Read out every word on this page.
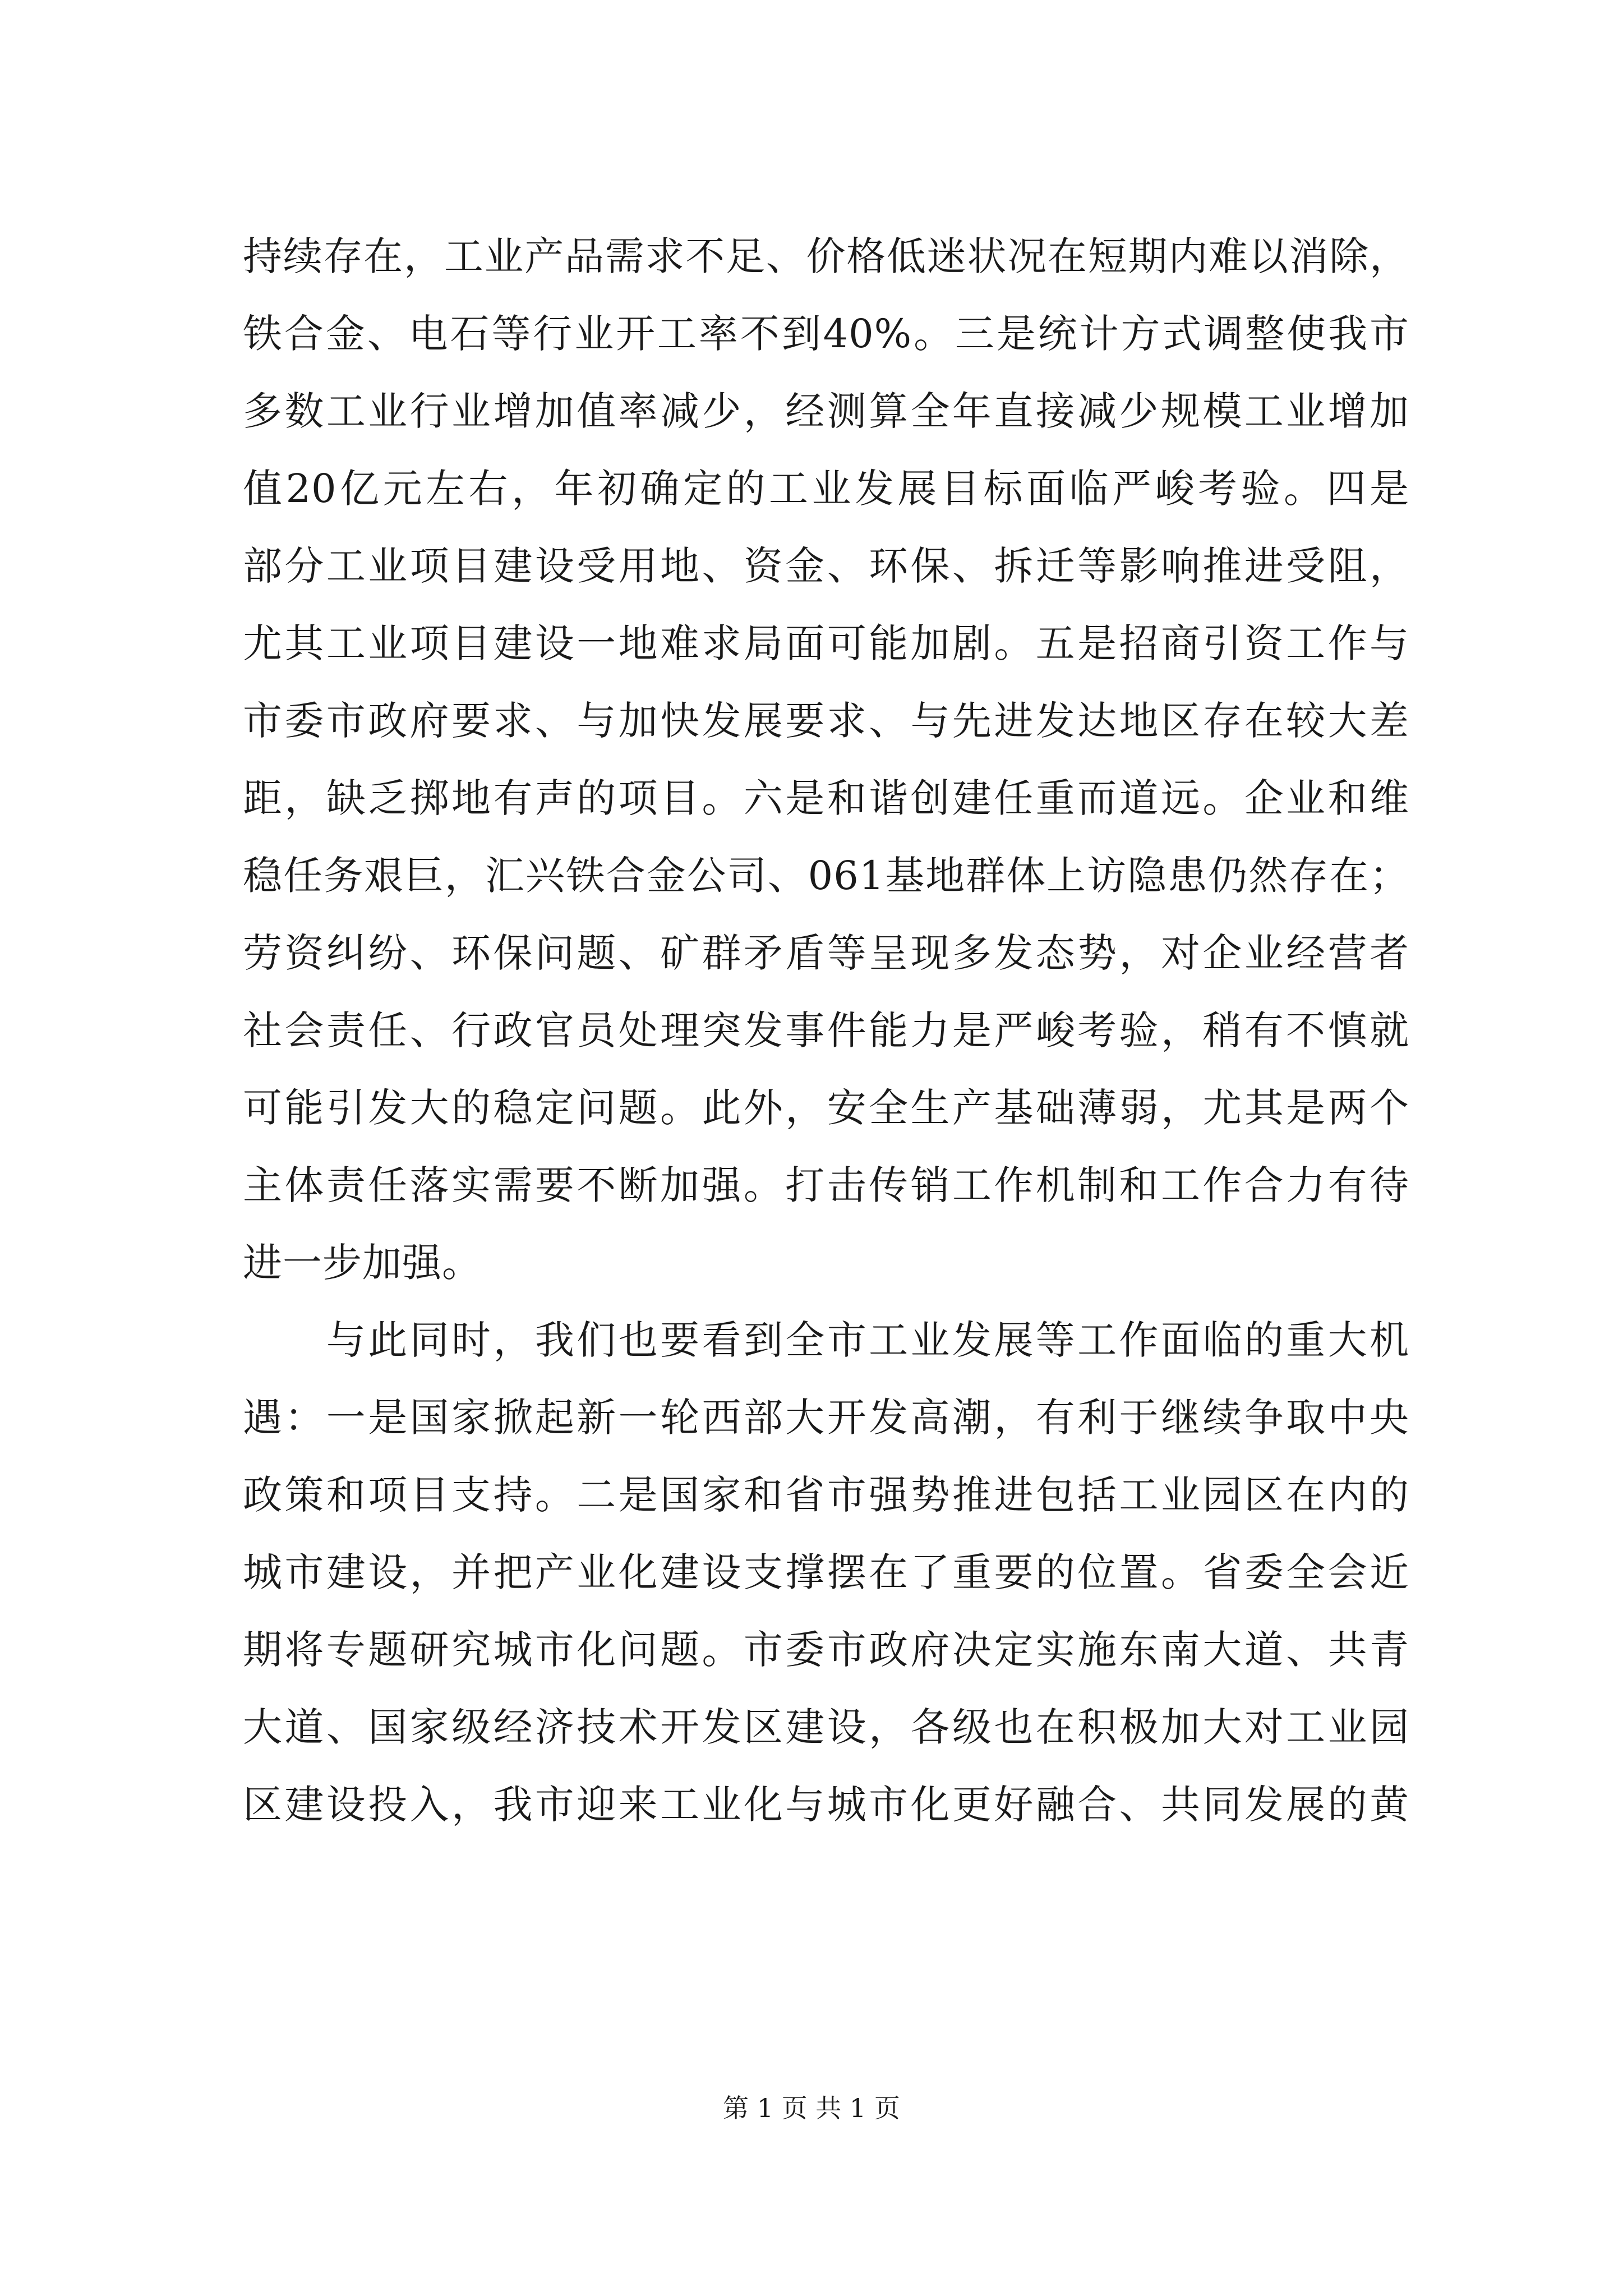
持续存在，工业产品需求不足、价格低迷状况在短期内难以消除，
铁合金、电石等行业开工率不到40%。三是统计方式调整使我市
多数工业行业增加值率减少，经测算全年直接减少规模工业增加
值20亿元左右，年初确定的工业发展目标面临严峻考验。四是
部分工业项目建设受用地、资金、环保、拆迁等影响推进受阻，
尤其工业项目建设一地难求局面可能加剧。五是招商引资工作与
市委市政府要求、与加快发展要求、与先进发达地区存在较大差
距，缺乏掷地有声的项目。六是和谐创建任重而道远。企业和维
稳任务艰巨，汇兴铁合金公司、061基地群体上访隐患仍然存在；
劳资纠纷、环保问题、矿群矛盾等呈现多发态势，对企业经营者
社会责任、行政官员处理突发事件能力是严峻考验，稍有不慎就
可能引发大的稳定问题。此外，安全生产基础薄弱，尤其是两个
主体责任落实需要不断加强。打击传销工作机制和工作合力有待
进一步加强。
　　与此同时，我们也要看到全市工业发展等工作面临的重大机
遇：一是国家掀起新一轮西部大开发高潮，有利于继续争取中央
政策和项目支持。二是国家和省市强势推进包括工业园区在内的
城市建设，并把产业化建设支撑摆在了重要的位置。省委全会近
期将专题研究城市化问题。市委市政府决定实施东南大道、共青
大道、国家级经济技术开发区建设，各级也在积极加大对工业园
区建设投入，我市迎来工业化与城市化更好融合、共同发展的黄
第 1 页 共 1 页
